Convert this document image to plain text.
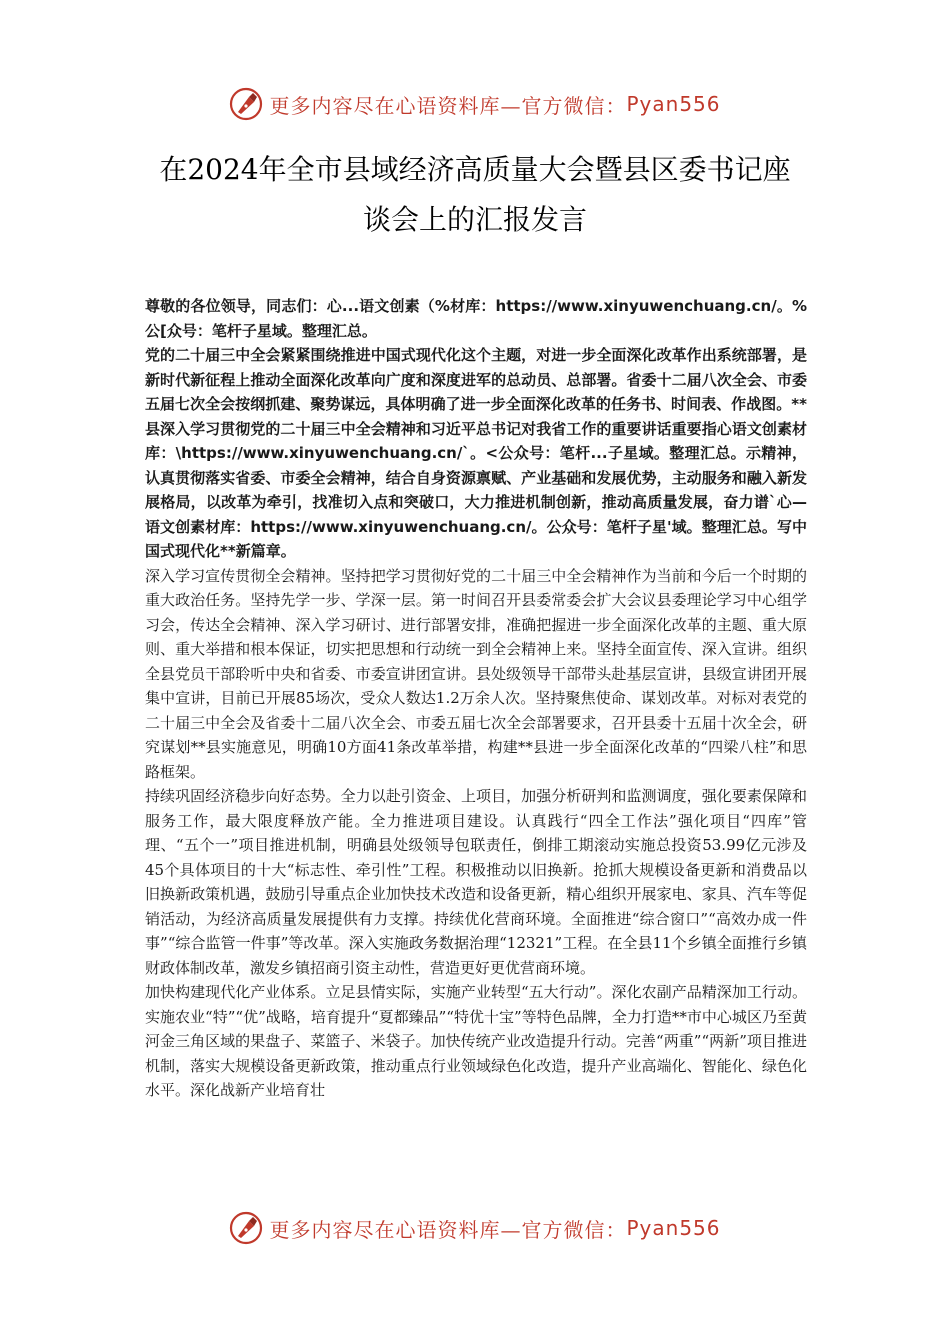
更多内容尽在心语资料库—官方微信： Pyan556
在2024年全市县域经济高质量大会暨县区委书记座
谈会上的汇报发言

尊敬的各位领导，同志们：心...语文创素（%材库：https://www.xinyuwenchuang.cn/。%公[众号：笔杆子星域。整理汇总。

党的二十届三中全会紧紧围绕推进中国式现代化这个主题，对进一步全面深化改革作出系统部署，是新时代新征程上推动全面深化改革向广度和深度进军的总动员、总部署。省委十二届八次全会、市委五届七次全会按纲抓建、聚势谋远，具体明确了进一步全面深化改革的任务书、时间表、作战图。**县深入学习贯彻党的二十届三中全会精神和习近平总书记对我省工作的重要讲话重要指心语文创素材库：\https://www.xinyuwenchuang.cn/`。<公众号：笔杆...子星域。整理汇总。示精神，认真贯彻落实省委、市委全会精神，结合自身资源禀赋、产业基础和发展优势，主动服务和融入新发展格局，以改革为牵引，找准切入点和突破口，大力推进机制创新，推动高质量发展，奋力谱`心—语文创素材库：https://www.xinyuwenchuang.cn/。公众号：笔杆子星'域。整理汇总。写中国式现代化**新篇章。

深入学习宣传贯彻全会精神。坚持把学习贯彻好党的二十届三中全会精神作为当前和今后一个时期的重大政治任务。坚持先学一步、学深一层。第一时间召开县委常委会扩大会议县委理论学习中心组学习会，传达全会精神、深入学习研讨、进行部署安排，准确把握进一步全面深化改革的主题、重大原则、重大举措和根本保证，切实把思想和行动统一到全会精神上来。坚持全面宣传、深入宣讲。组织全县党员干部聆听中央和省委、市委宣讲团宣讲。县处级领导干部带头赴基层宣讲，县级宣讲团开展集中宣讲，目前已开展85场次，受众人数达1.2万余人次。坚持聚焦使命、谋划改革。对标对表党的二十届三中全会及省委十二届八次全会、市委五届七次全会部署要求，召开县委十五届十次全会，研究谋划**县实施意见，明确10方面41条改革举措，构建**县进一步全面深化改革的“四梁八柱”和思路框架。

持续巩固经济稳步向好态势。全力以赴引资金、上项目，加强分析研判和监测调度，强化要素保障和服务工作，最大限度释放产能。全力推进项目建设。认真践行“四全工作法”强化项目“四库”管理、“五个一”项目推进机制，明确县处级领导包联责任，倒排工期滚动实施总投资53.99亿元涉及45个具体项目的十大“标志性、牵引性”工程。积极推动以旧换新。抢抓大规模设备更新和消费品以旧换新政策机遇，鼓励引导重点企业加快技术改造和设备更新，精心组织开展家电、家具、汽车等促销活动，为经济高质量发展提供有力支撑。持续优化营商环境。全面推进“综合窗口”“高效办成一件事”“综合监管一件事”等改革。深入实施政务数据治理“12321”工程。在全县11个乡镇全面推行乡镇财政体制改革，激发乡镇招商引资主动性，营造更好更优营商环境。

加快构建现代化产业体系。立足县情实际，实施产业转型“五大行动”。深化农副产品精深加工行动。实施农业“特”“优”战略，培育提升“夏都臻品”“特优十宝”等特色品牌，全力打造**市中心城区乃至黄河金三角区域的果盘子、菜篮子、米袋子。加快传统产业改造提升行动。完善“两重”“两新”项目推进机制，落实大规模设备更新政策，推动重点行业领域绿色化改造，提升产业高端化、智能化、绿色化水平。深化战新产业培育壮

更多内容尽在心语资料库—官方微信： Pyan556
